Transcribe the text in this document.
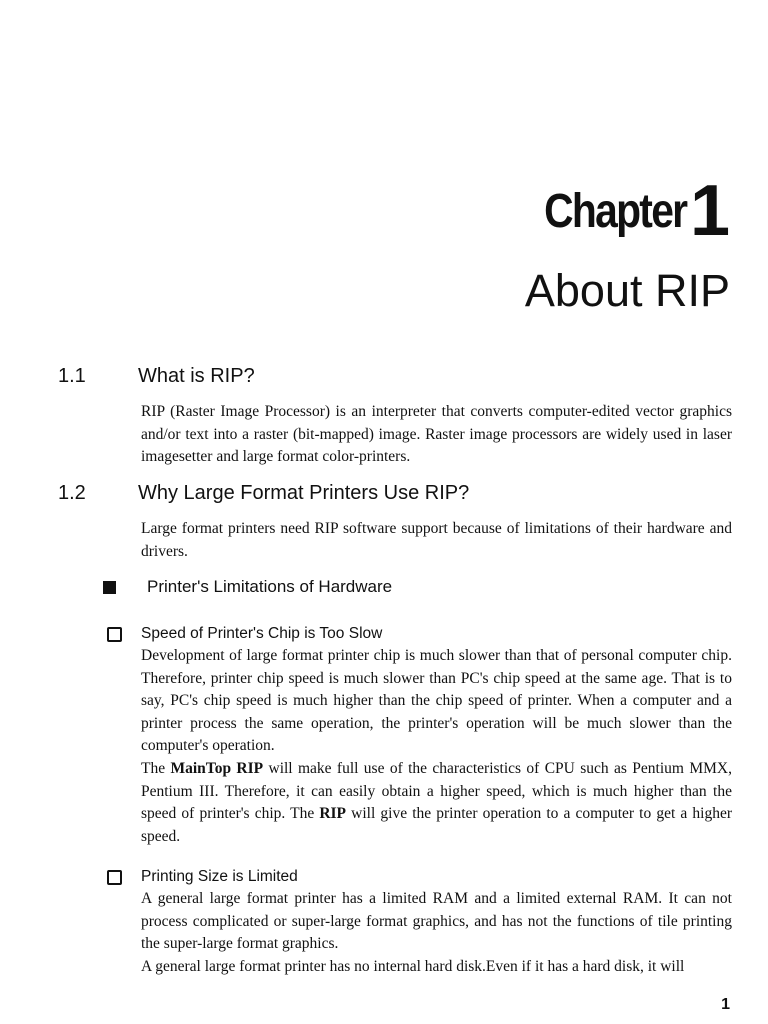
Chapter 1
About RIP
1.1	What is RIP?

RIP (Raster Image Processor) is an interpreter that converts computer-edited vector graphics and/or text into a raster (bit-mapped) image. Raster image processors are widely used in laser imagesetter and large format color-printers.

1.2	Why Large Format Printers Use RIP?

Large format printers need RIP software support because of limitations of their hardware and drivers.

Printer's Limitations of Hardware
Speed of Printer's Chip is Too Slow

Development of large format printer chip is much slower than that of personal computer chip. Therefore, printer chip speed is much slower than PC's chip speed at the same age. That is to say, PC's chip speed is much higher than the chip speed of printer. When a computer and a printer process the same operation, the printer's operation will be much slower than the computer's operation.

The MainTop RIP will make full use of the characteristics of CPU such as Pentium MMX, Pentium III. Therefore, it can easily obtain a higher speed, which is much higher than the speed of printer's chip. The RIP will give the printer operation to a computer to get a higher speed.

Printing Size is Limited

A general large format printer has a limited RAM and a limited external RAM. It can not process complicated or super-large format graphics, and has not the functions of tile printing the super-large format graphics.

A general large format printer has no internal hard disk.Even if it has a hard disk, it will

1
